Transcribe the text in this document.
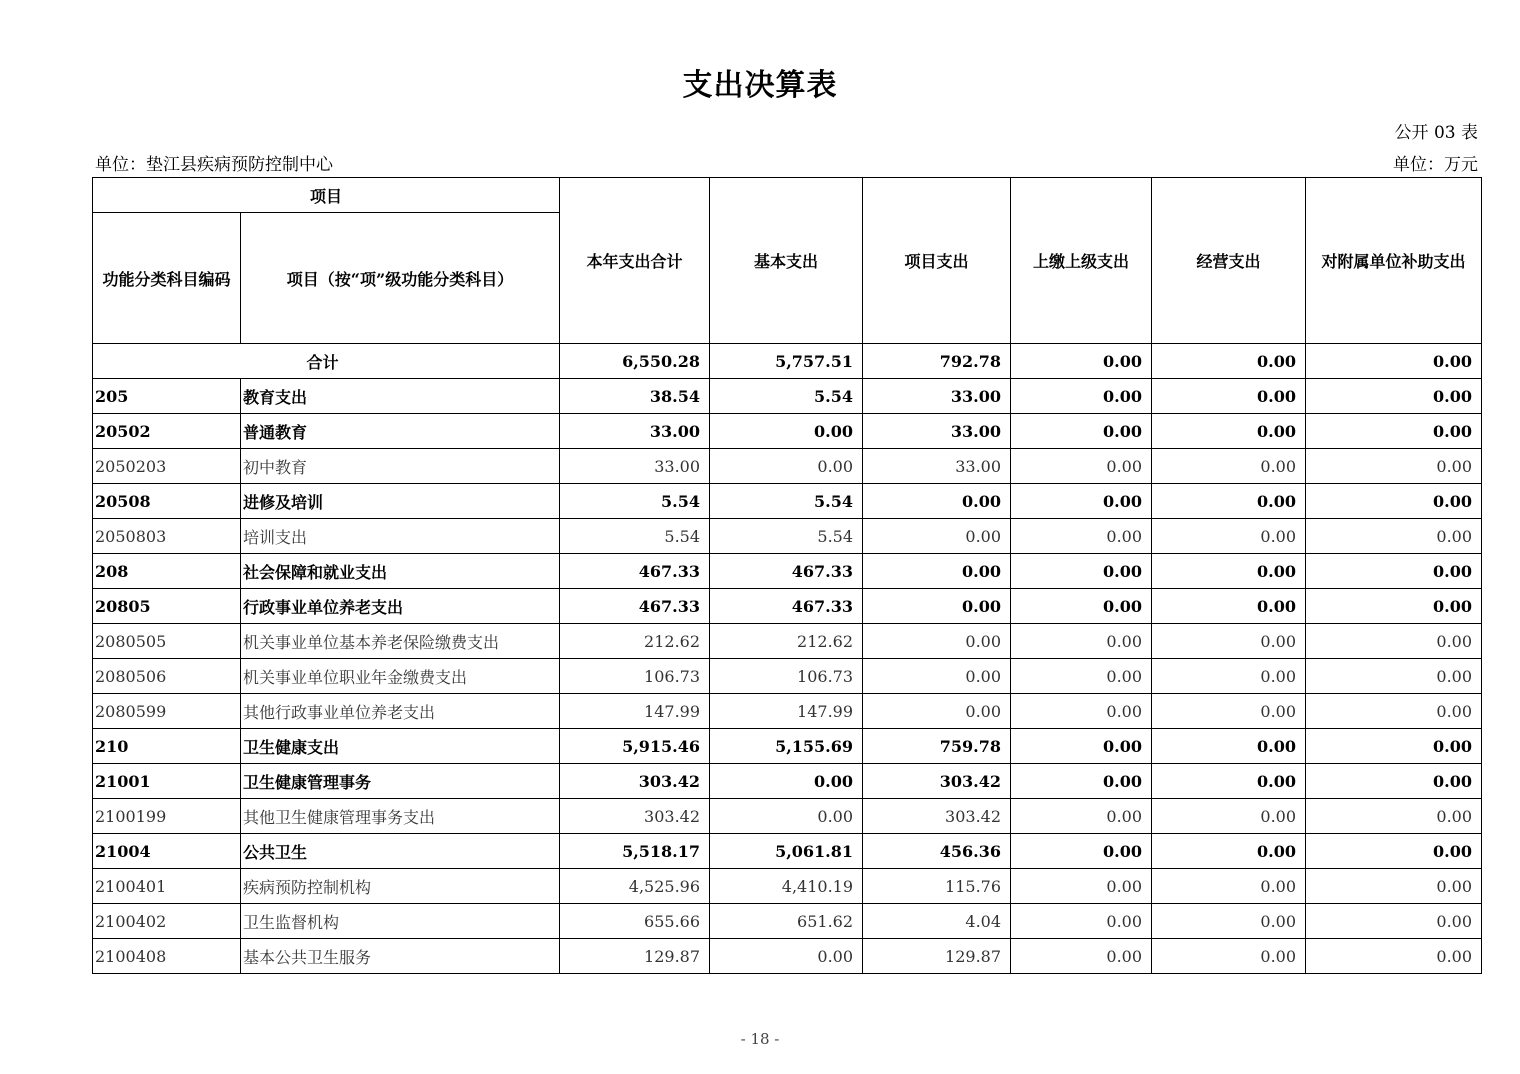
支出决算表
公开 03 表
单位：垫江县疾病预防控制中心	单位：万元
项目		本年支出合计	基本支出	项目支出	上缴上级支出	经营支出	对附属单位补助支出
功能分类科目编码	项目（按“项”级功能分类科目）						
合计		6,550.28	5,757.51	792.78	0.00	0.00	0.00
205	教育支出	38.54	5.54	33.00	0.00	0.00	0.00
20502	普通教育	33.00	0.00	33.00	0.00	0.00	0.00
2050203	初中教育	33.00	0.00	33.00	0.00	0.00	0.00
20508	进修及培训	5.54	5.54	0.00	0.00	0.00	0.00
2050803	培训支出	5.54	5.54	0.00	0.00	0.00	0.00
208	社会保障和就业支出	467.33	467.33	0.00	0.00	0.00	0.00
20805	行政事业单位养老支出	467.33	467.33	0.00	0.00	0.00	0.00
2080505	机关事业单位基本养老保险缴费支出	212.62	212.62	0.00	0.00	0.00	0.00
2080506	机关事业单位职业年金缴费支出	106.73	106.73	0.00	0.00	0.00	0.00
2080599	其他行政事业单位养老支出	147.99	147.99	0.00	0.00	0.00	0.00
210	卫生健康支出	5,915.46	5,155.69	759.78	0.00	0.00	0.00
21001	卫生健康管理事务	303.42	0.00	303.42	0.00	0.00	0.00
2100199	其他卫生健康管理事务支出	303.42	0.00	303.42	0.00	0.00	0.00
21004	公共卫生	5,518.17	5,061.81	456.36	0.00	0.00	0.00
2100401	疾病预防控制机构	4,525.96	4,410.19	115.76	0.00	0.00	0.00
2100402	卫生监督机构	655.66	651.62	4.04	0.00	0.00	0.00
2100408	基本公共卫生服务	129.87	0.00	129.87	0.00	0.00	0.00
- 18 -
